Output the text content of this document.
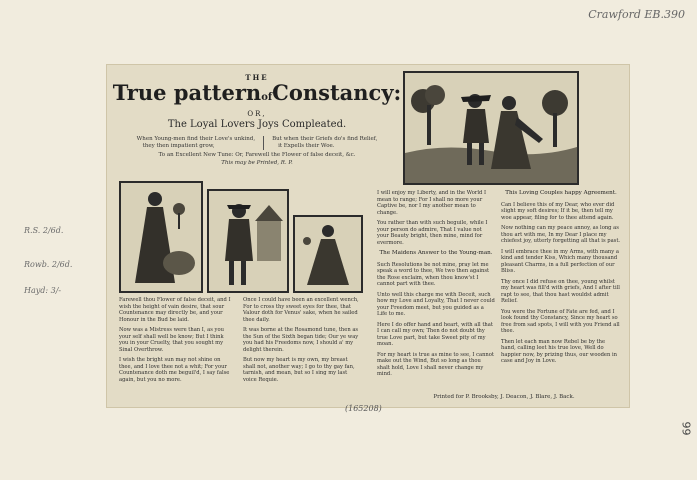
Crawford EB.390
99
R.S. 2/6d.
Rowb. 2/6d.
Hayd: 3/-
THE
True patternofConstancy:
OR,
The Loyal Lovers Joys Compleated.
When Young-men find their Love's unkind,
they then impatient grow,
But when their Griefs do's find Relief,
it Expells their Woe.
To an Excellent New Tune: Or, Farewell the Flower of false deceit, &c.
This may be Printed, R. P.

Farewell thou Flower of false deceit, and I wish the height of vain desire, that sour Countenance may directly be, and your Honour in the Bud be laid.

Now was a Mistress were than I, as you your self shall well be know; But I think you in your Cruelty, that you sought my Sinal Overthrow.

I wish the bright sun may not shine on thee, and I love thee not a whit; For your Countenance doth me beguil'd, I say false again, but you no more.

Once I could have been an excellent wench, For to cross thy sweet eyes for thee, that Valour doth for Venus' sake, when he sailed thee daily.

It was borne at the Rosamond tune, then as the Sun of the Sixth began tide; Our ye way you had his Freedoms now, I should a' my delight therein.

But now my heart is my own, my breast shall not, another way; I go to thy gay fan, tarnish, and mean, but so I sing my last voice Requie.

I will enjoy my Liberty, and in the World I mean to range; For I shall no more your Captive be, nor I my another mean to change.

You rather than with such beguile, while I your person do admire, That I value not your Beauty bright, then mine, mind for evermore.

The Maidens Answer to the Young-man.

Such Resolutions be not mine, pray let me speak a word to thee, We two then against the Rose exclaim, when thou know'st I cannot part with thee.

Unto well this charge me with Deceit, such how my Love and Loyalty, That I never could your Freedom meet, but you guided as a Life to me.

Here I do offer hand and heart, with all that I can call my own; Then do not doubt thy true Love part, but take Sweet pity of my moan.

For my heart is true as mine to see, I cannot make out the Wind, But so long as thou shalt hold, Love I shall never change my mind.

This Loving Couples happy Agreement.

Can I believe this of my Dear, who ever did slight my soft desires; If it be, then tell my woe appear, filing for to thee attend again.

Now nothing can my peace annoy, as long as thou art with me, In my Dear I place my chiefest joy, utterly forgetting all that is past.

I will embrace thee in my Arms, with many a kind and tender Kiss, Which many thousand pleasant Charms, in a full perfection of our Bliss.

Thy once I did refuse on thee, young whilst my heart was fill'd with griefs, And I after till rapt to see, that thou hast wouldst admit Relief.

You were the Fortune of Fate are fed, and I look found thy Constancy, Since my heart so free from sad spots, I will with you Friend all thee.

Then let each man now Rebel be by the hand, calling leet his true love, Well do happier now, by prizing thus, our wooden in case and Joy in Love.

Printed for P. Brooksby, J. Deacon, J. Blare, J. Back.
(165208)
